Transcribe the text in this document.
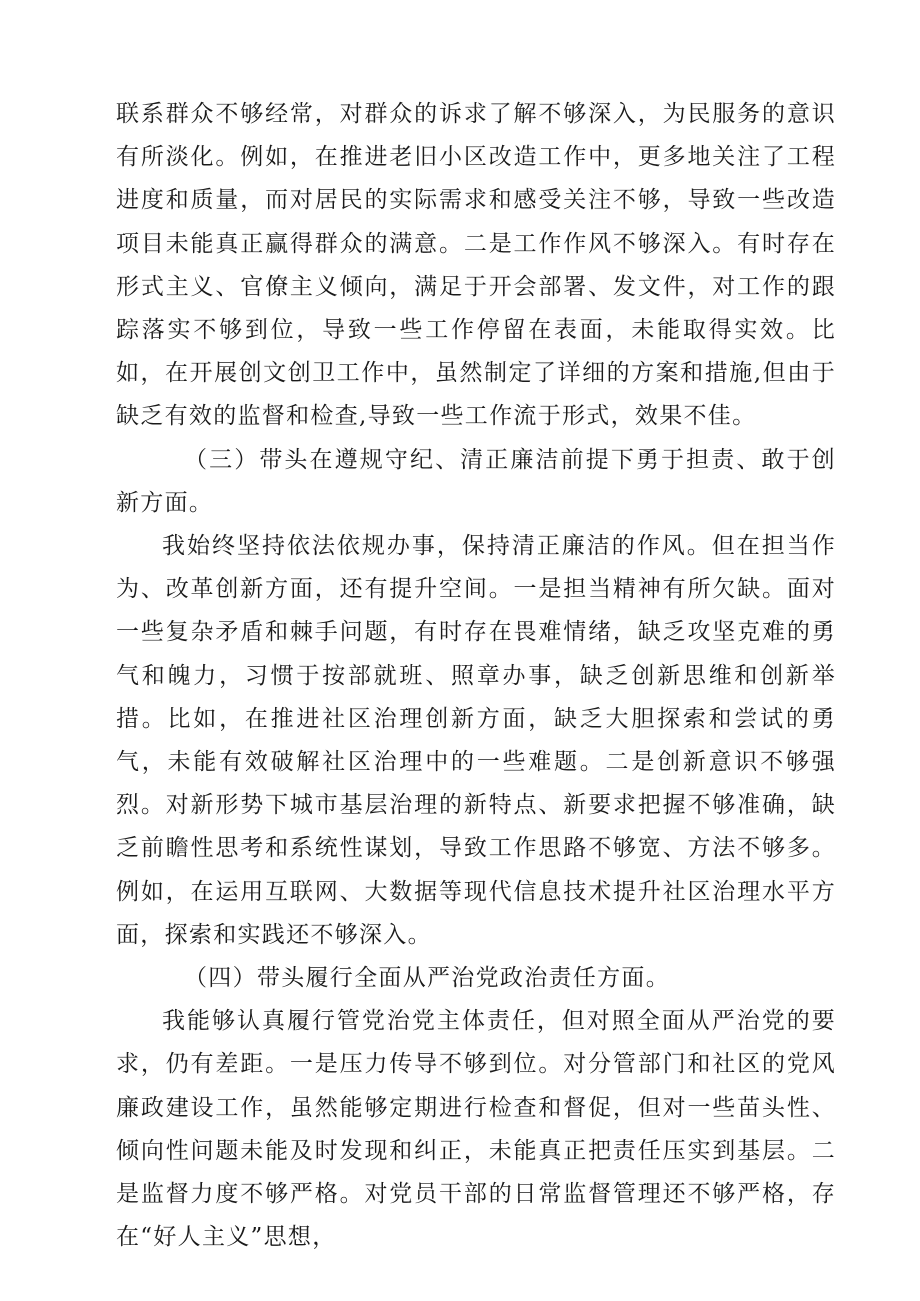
联系群众不够经常，对群众的诉求了解不够深入，为民服务的意识有所淡化。例如，在推进老旧小区改造工作中，更多地关注了工程进度和质量，而对居民的实际需求和感受关注不够，导致一些改造项目未能真正赢得群众的满意。二是工作作风不够深入。有时存在形式主义、官僚主义倾向，满足于开会部署、发文件，对工作的跟踪落实不够到位，导致一些工作停留在表面，未能取得实效。比如，在开展创文创卫工作中，虽然制定了详细的方案和措施,但由于缺乏有效的监督和检查,导致一些工作流于形式，效果不佳。

（三）带头在遵规守纪、清正廉洁前提下勇于担责、敢于创新方面。

我始终坚持依法依规办事，保持清正廉洁的作风。但在担当作为、改革创新方面，还有提升空间。一是担当精神有所欠缺。面对一些复杂矛盾和棘手问题，有时存在畏难情绪，缺乏攻坚克难的勇气和魄力，习惯于按部就班、照章办事，缺乏创新思维和创新举措。比如，在推进社区治理创新方面，缺乏大胆探索和尝试的勇气，未能有效破解社区治理中的一些难题。二是创新意识不够强烈。对新形势下城市基层治理的新特点、新要求把握不够准确，缺乏前瞻性思考和系统性谋划，导致工作思路不够宽、方法不够多。例如，在运用互联网、大数据等现代信息技术提升社区治理水平方面，探索和实践还不够深入。

（四）带头履行全面从严治党政治责任方面。

我能够认真履行管党治党主体责任，但对照全面从严治党的要求，仍有差距。一是压力传导不够到位。对分管部门和社区的党风廉政建设工作，虽然能够定期进行检查和督促，但对一些苗头性、倾向性问题未能及时发现和纠正，未能真正把责任压实到基层。二是监督力度不够严格。对党员干部的日常监督管理还不够严格，存在“好人主义”思想，
